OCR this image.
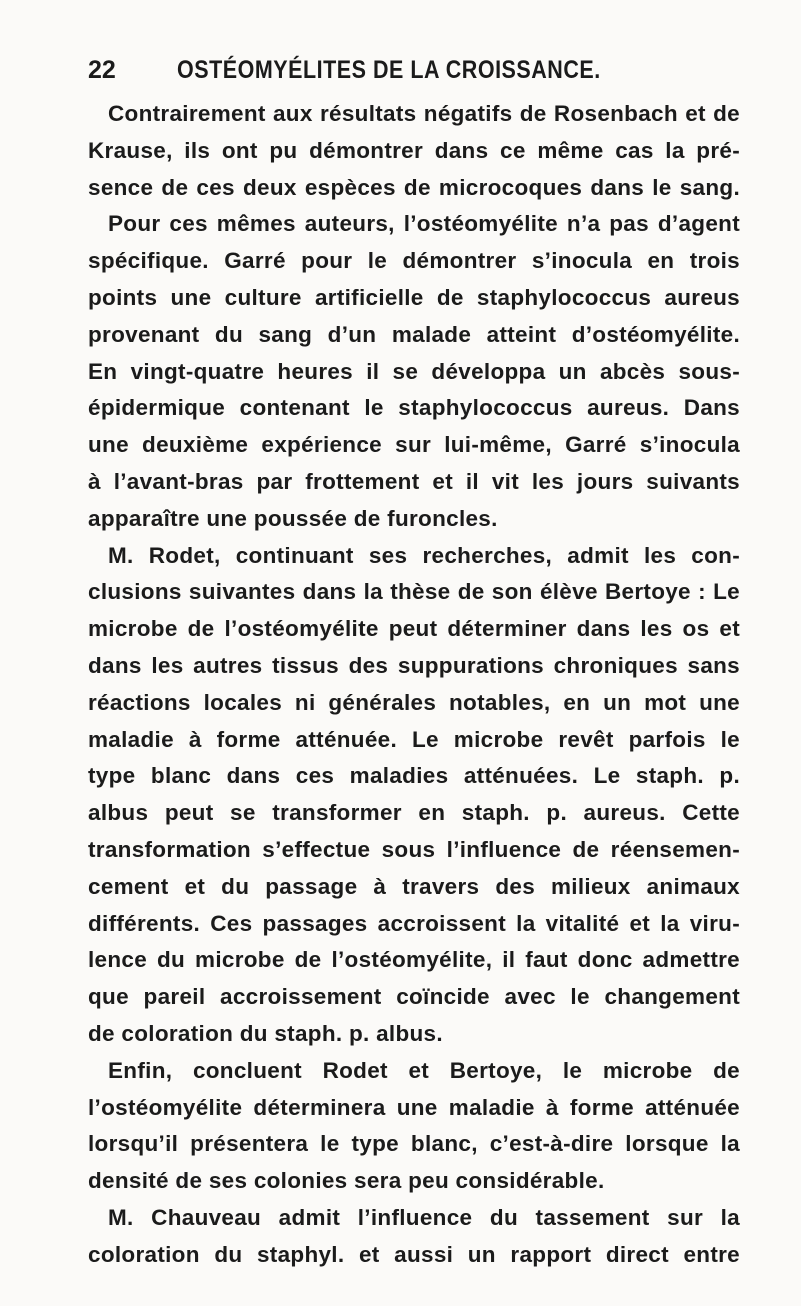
22 OSTÉOMYÉLITES DE LA CROISSANCE.
Contrairement aux résultats négatifs de Rosenbach et de
Krause, ils ont pu démontrer dans ce même cas la pré-
sence de ces deux espèces de microcoques dans le sang.
Pour ces mêmes auteurs, l’ostéomyélite n’a pas d’agent
spécifique. Garré pour le démontrer s’inocula en trois
points une culture artificielle de staphylococcus aureus
provenant du sang d’un malade atteint d’ostéomyélite.
En vingt-quatre heures il se développa un abcès sous-
épidermique contenant le staphylococcus aureus. Dans
une deuxième expérience sur lui-même, Garré s’inocula
à l’avant-bras par frottement et il vit les jours suivants
apparaître une poussée de furoncles.
M. Rodet, continuant ses recherches, admit les con-
clusions suivantes dans la thèse de son élève Bertoye : Le
microbe de l’ostéomyélite peut déterminer dans les os et
dans les autres tissus des suppurations chroniques sans
réactions locales ni générales notables, en un mot une
maladie à forme atténuée. Le microbe revêt parfois le
type blanc dans ces maladies atténuées. Le staph. p.
albus peut se transformer en staph. p. aureus. Cette
transformation s’effectue sous l’influence de réensemen-
cement et du passage à travers des milieux animaux
différents. Ces passages accroissent la vitalité et la viru-
lence du microbe de l’ostéomyélite, il faut donc admettre
que pareil accroissement coïncide avec le changement
de coloration du staph. p. albus.
Enfin, concluent Rodet et Bertoye, le microbe de
l’ostéomyélite déterminera une maladie à forme atténuée
lorsqu’il présentera le type blanc, c’est-à-dire lorsque la
densité de ses colonies sera peu considérable.
M. Chauveau admit l’influence du tassement sur la
coloration du staphyl. et aussi un rapport direct entre
